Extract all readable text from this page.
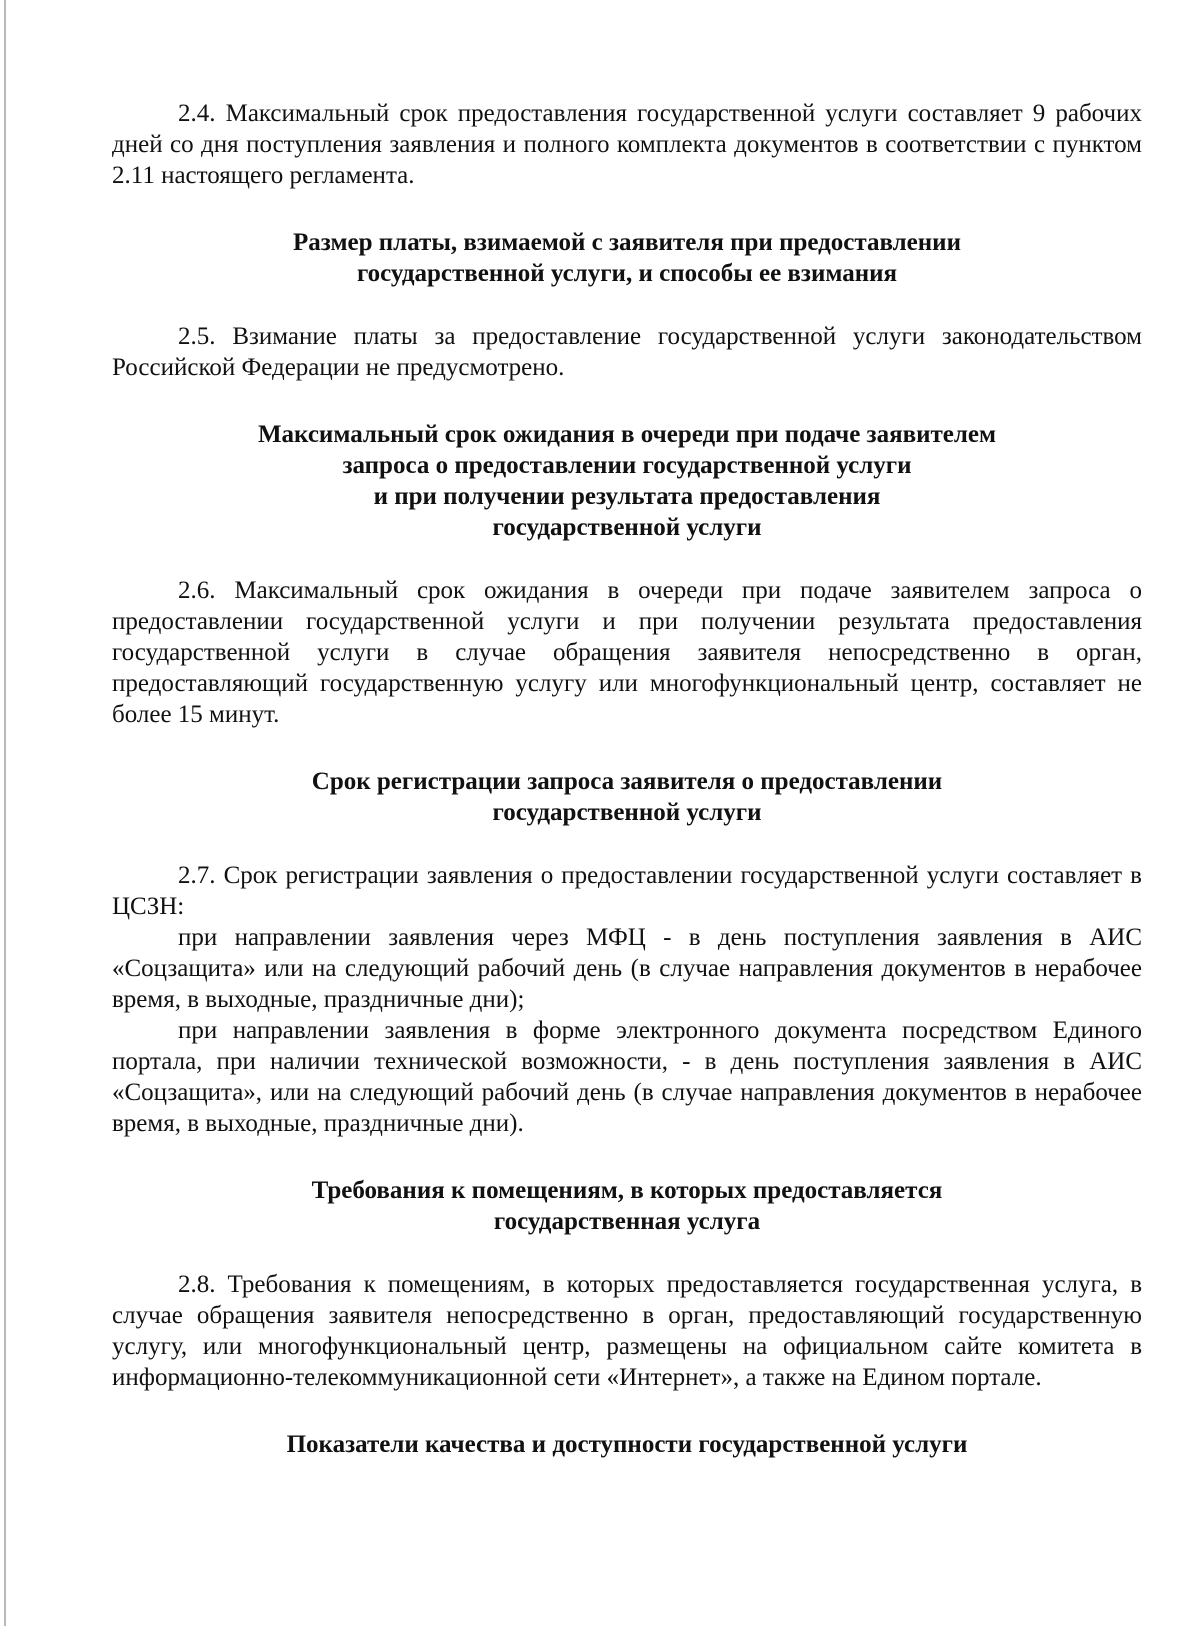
2.4. Максимальный срок предоставления государственной услуги составляет 9 рабочих дней со дня поступления заявления и полного комплекта документов в соответствии с пунктом 2.11 настоящего регламента.

Размер платы, взимаемой с заявителя при предоставлении
государственной услуги, и способы ее взимания

2.5. Взимание платы за предоставление государственной услуги законодательством Российской Федерации не предусмотрено.

Максимальный срок ожидания в очереди при подаче заявителем
запроса о предоставлении государственной услуги
и при получении результата предоставления
государственной услуги

2.6. Максимальный срок ожидания в очереди при подаче заявителем запроса о предоставлении государственной услуги и при получении результата предоставления государственной услуги в случае обращения заявителя непосредственно в орган, предоставляющий государственную услугу или многофункциональный центр, составляет не более 15 минут.

Срок регистрации запроса заявителя о предоставлении
государственной услуги

2.7. Срок регистрации заявления о предоставлении государственной услуги составляет в ЦСЗН:

при направлении заявления через МФЦ - в день поступления заявления в АИС «Соцзащита» или на следующий рабочий день (в случае направления документов в нерабочее время, в выходные, праздничные дни);

при направлении заявления в форме электронного документа посредством Единого портала, при наличии технической возможности, - в день поступления заявления в АИС «Соцзащита», или на следующий рабочий день (в случае направления документов в нерабочее время, в выходные, праздничные дни).

Требования к помещениям, в которых предоставляется
государственная услуга

2.8. Требования к помещениям, в которых предоставляется государственная услуга, в случае обращения заявителя непосредственно в орган, предоставляющий государственную услугу, или многофункциональный центр, размещены на официальном сайте комитета в информационно-телекоммуникационной сети «Интернет», а также на Едином портале.

Показатели качества и доступности государственной услуги
